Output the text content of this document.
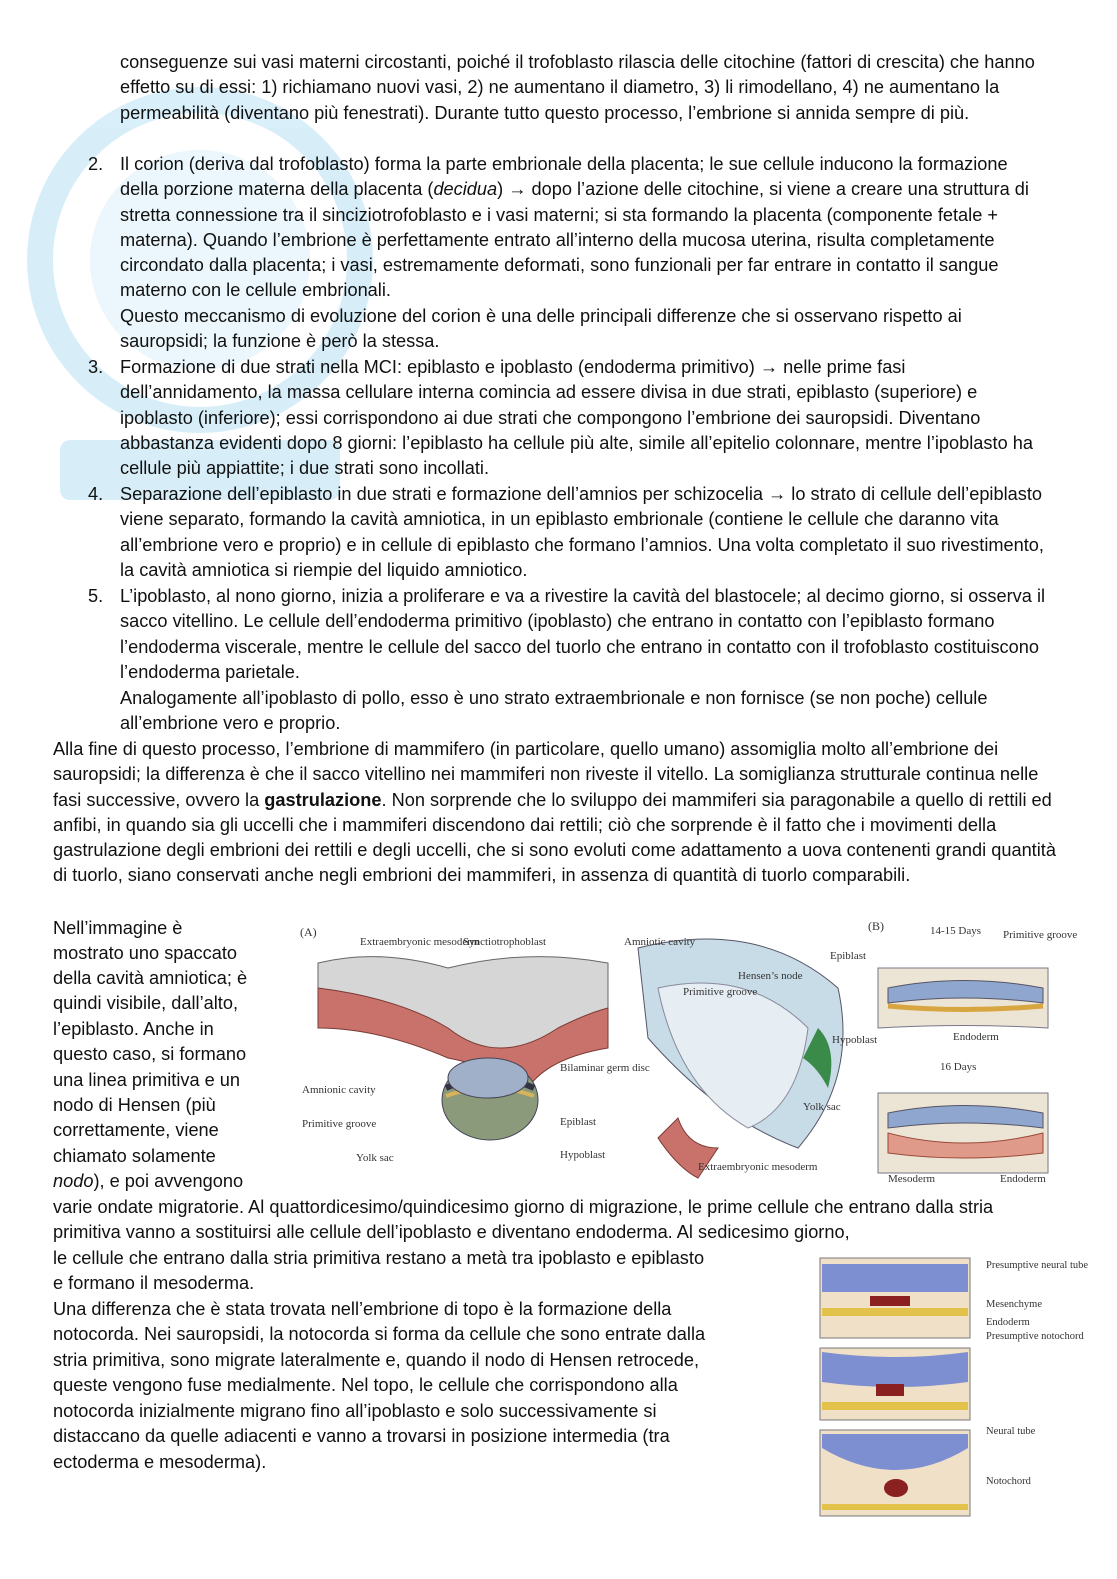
conseguenze sui vasi materni circostanti, poiché il trofoblasto rilascia delle citochine (fattori di crescita) che hanno effetto su di essi: 1) richiamano nuovi vasi, 2) ne aumentano il diametro, 3) li rimodellano, 4) ne aumentano la permeabilità (diventano più fenestrati). Durante tutto questo processo, l’embrione si annida sempre di più.

2. Il corion (deriva dal trofoblasto) forma la parte embrionale della placenta; le sue cellule inducono la formazione della porzione materna della placenta (decidua) → dopo l’azione delle citochine, si viene a creare una struttura di stretta connessione tra il sinciziotrofoblasto e i vasi materni; si sta formando la placenta (componente fetale + materna). Quando l’embrione è perfettamente entrato all’interno della mucosa uterina, risulta completamente circondato dalla placenta; i vasi, estremamente deformati, sono funzionali per far entrare in contatto il sangue materno con le cellule embrionali.

Questo meccanismo di evoluzione del corion è una delle principali differenze che si osservano rispetto ai sauropsidi; la funzione è però la stessa.

3. Formazione di due strati nella MCI: epiblasto e ipoblasto (endoderma primitivo) → nelle prime fasi dell’annidamento, la massa cellulare interna comincia ad essere divisa in due strati, epiblasto (superiore) e ipoblasto (inferiore); essi corrispondono ai due strati che compongono l’embrione dei sauropsidi. Diventano abbastanza evidenti dopo 8 giorni: l’epiblasto ha cellule più alte, simile all’epitelio colonnare, mentre l’ipoblasto ha cellule più appiattite; i due strati sono incollati.

4. Separazione dell’epiblasto in due strati e formazione dell’amnios per schizocelia → lo strato di cellule dell’epiblasto viene separato, formando la cavità amniotica, in un epiblasto embrionale (contiene le cellule che daranno vita all’embrione vero e proprio) e in cellule di epiblasto che formano l’amnios. Una volta completato il suo rivestimento, la cavità amniotica si riempie del liquido amniotico.

5. L’ipoblasto, al nono giorno, inizia a proliferare e va a rivestire la cavità del blastocele; al decimo giorno, si osserva il sacco vitellino. Le cellule dell’endoderma primitivo (ipoblasto) che entrano in contatto con l’epiblasto formano l’endoderma viscerale, mentre le cellule del sacco del tuorlo che entrano in contatto con il trofoblasto costituiscono l’endoderma parietale.

Analogamente all’ipoblasto di pollo, esso è uno strato extraembrionale e non fornisce (se non poche) cellule all’embrione vero e proprio.

Alla fine di questo processo, l’embrione di mammifero (in particolare, quello umano) assomiglia molto all’embrione dei sauropsidi; la differenza è che il sacco vitellino nei mammiferi non riveste il vitello. La somiglianza strutturale continua nelle fasi successive, ovvero la gastrulazione. Non sorprende che lo sviluppo dei mammiferi sia paragonabile a quello di rettili ed anfibi, in quando sia gli uccelli che i mammiferi discendono dai rettili; ciò che sorprende è il fatto che i movimenti della gastrulazione degli embrioni dei rettili e degli uccelli, che si sono evoluti come adattamento a uova contenenti grandi quantità di tuorlo, siano conservati anche negli embrioni dei mammiferi, in assenza di quantità di tuorlo comparabili.

Nell’immagine è

mostrato uno spaccato

della cavità amniotica; è

quindi visibile, dall’alto,

l’epiblasto. Anche in

questo caso, si formano

una linea primitiva e un

nodo di Hensen (più

correttamente, viene

chiamato solamente

nodo), e poi avvengono

varie ondate migratorie. Al quattordicesimo/quindicesimo giorno di migrazione, le prime cellule che entrano dalla stria primitiva vanno a sostituirsi alle cellule dell’ipoblasto e diventano endoderma. Al sedicesimo giorno,

le cellule che entrano dalla stria primitiva restano a metà tra ipoblasto e epiblasto

e formano il mesoderma.

Una differenza che è stata trovata nell’embrione di topo è la formazione della

notocorda. Nei sauropsidi, la notocorda si forma da cellule che sono entrate dalla

stria primitiva, sono migrate lateralmente e, quando il nodo di Hensen retrocede,

queste vengono fuse medialmente. Nel topo, le cellule che corrispondono alla

notocorda inizialmente migrano fino all’ipoblasto e solo successivamente si

distaccano da quelle adiacenti e vanno a trovarsi in posizione intermedia (tra

ectoderma e mesoderma).

(A)	(B)
Extraembryonic mesoderm
Synctiotrophoblast
Amnionic cavity
Primitive groove
Yolk sac
Bilaminar germ disc
Epiblast
Hypoblast
Amniotic cavity
Primitive groove
Hensen’s node
Epiblast
Hypoblast
Yolk sac
Extraembryonic mesoderm
14-15 Days Primitive groove
Endoderm
16 Days
Mesoderm	Endoderm
Presumptive neural tube
Mesenchyme
Endoderm
Presumptive notochord
Neural tube
Notochord
